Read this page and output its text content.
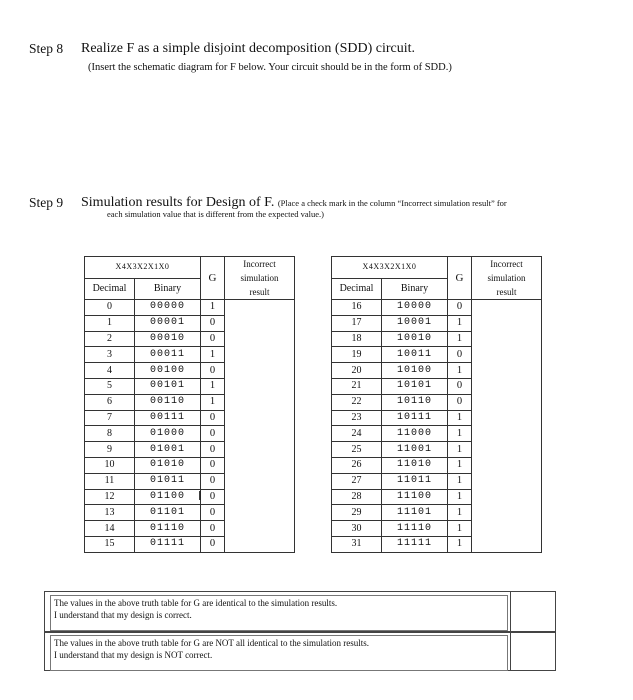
Step 8 Realize F as a simple disjoint decomposition (SDD) circuit.
(Insert the schematic diagram for F below. Your circuit should be in the form of SDD.)
Step 9 Simulation results for Design of F. (Place a check mark in the column “Incorrect simulation result” for
each simulation value that is different from the expected value.)
X4X3X2X1X0		G	Incorrect
simulation
result

Decimal	Binary		
0	00000	1	
1	00001	0	
2	00010	0	
3	00011	1	
4	00100	0	
5	00101	1	
6	00110	1	
7	00111	0	
8	01000	0	
9	01001	0	
10	01010	0	
11	01011	0	
12	01100	0	
13	01101	0	
14	01110	0	
15	01111	0	
X4X3X2X1X0		G	Incorrect
simulation
result

Decimal	Binary		
16	10000	0	
17	10001	1	
18	10010	1	
19	10011	0	
20	10100	1	
21	10101	0	
22	10110	0	
23	10111	1	
24	11000	1	
25	11001	1	
26	11010	1	
27	11011	1	
28	11100	1	
29	11101	1	
30	11110	1	
31	11111	1	
I
The values in the above truth table for G are identical to the simulation results.
I understand that my design is correct.
The values in the above truth table for G are NOT all identical to the simulation results.
I understand that my design is NOT correct.
